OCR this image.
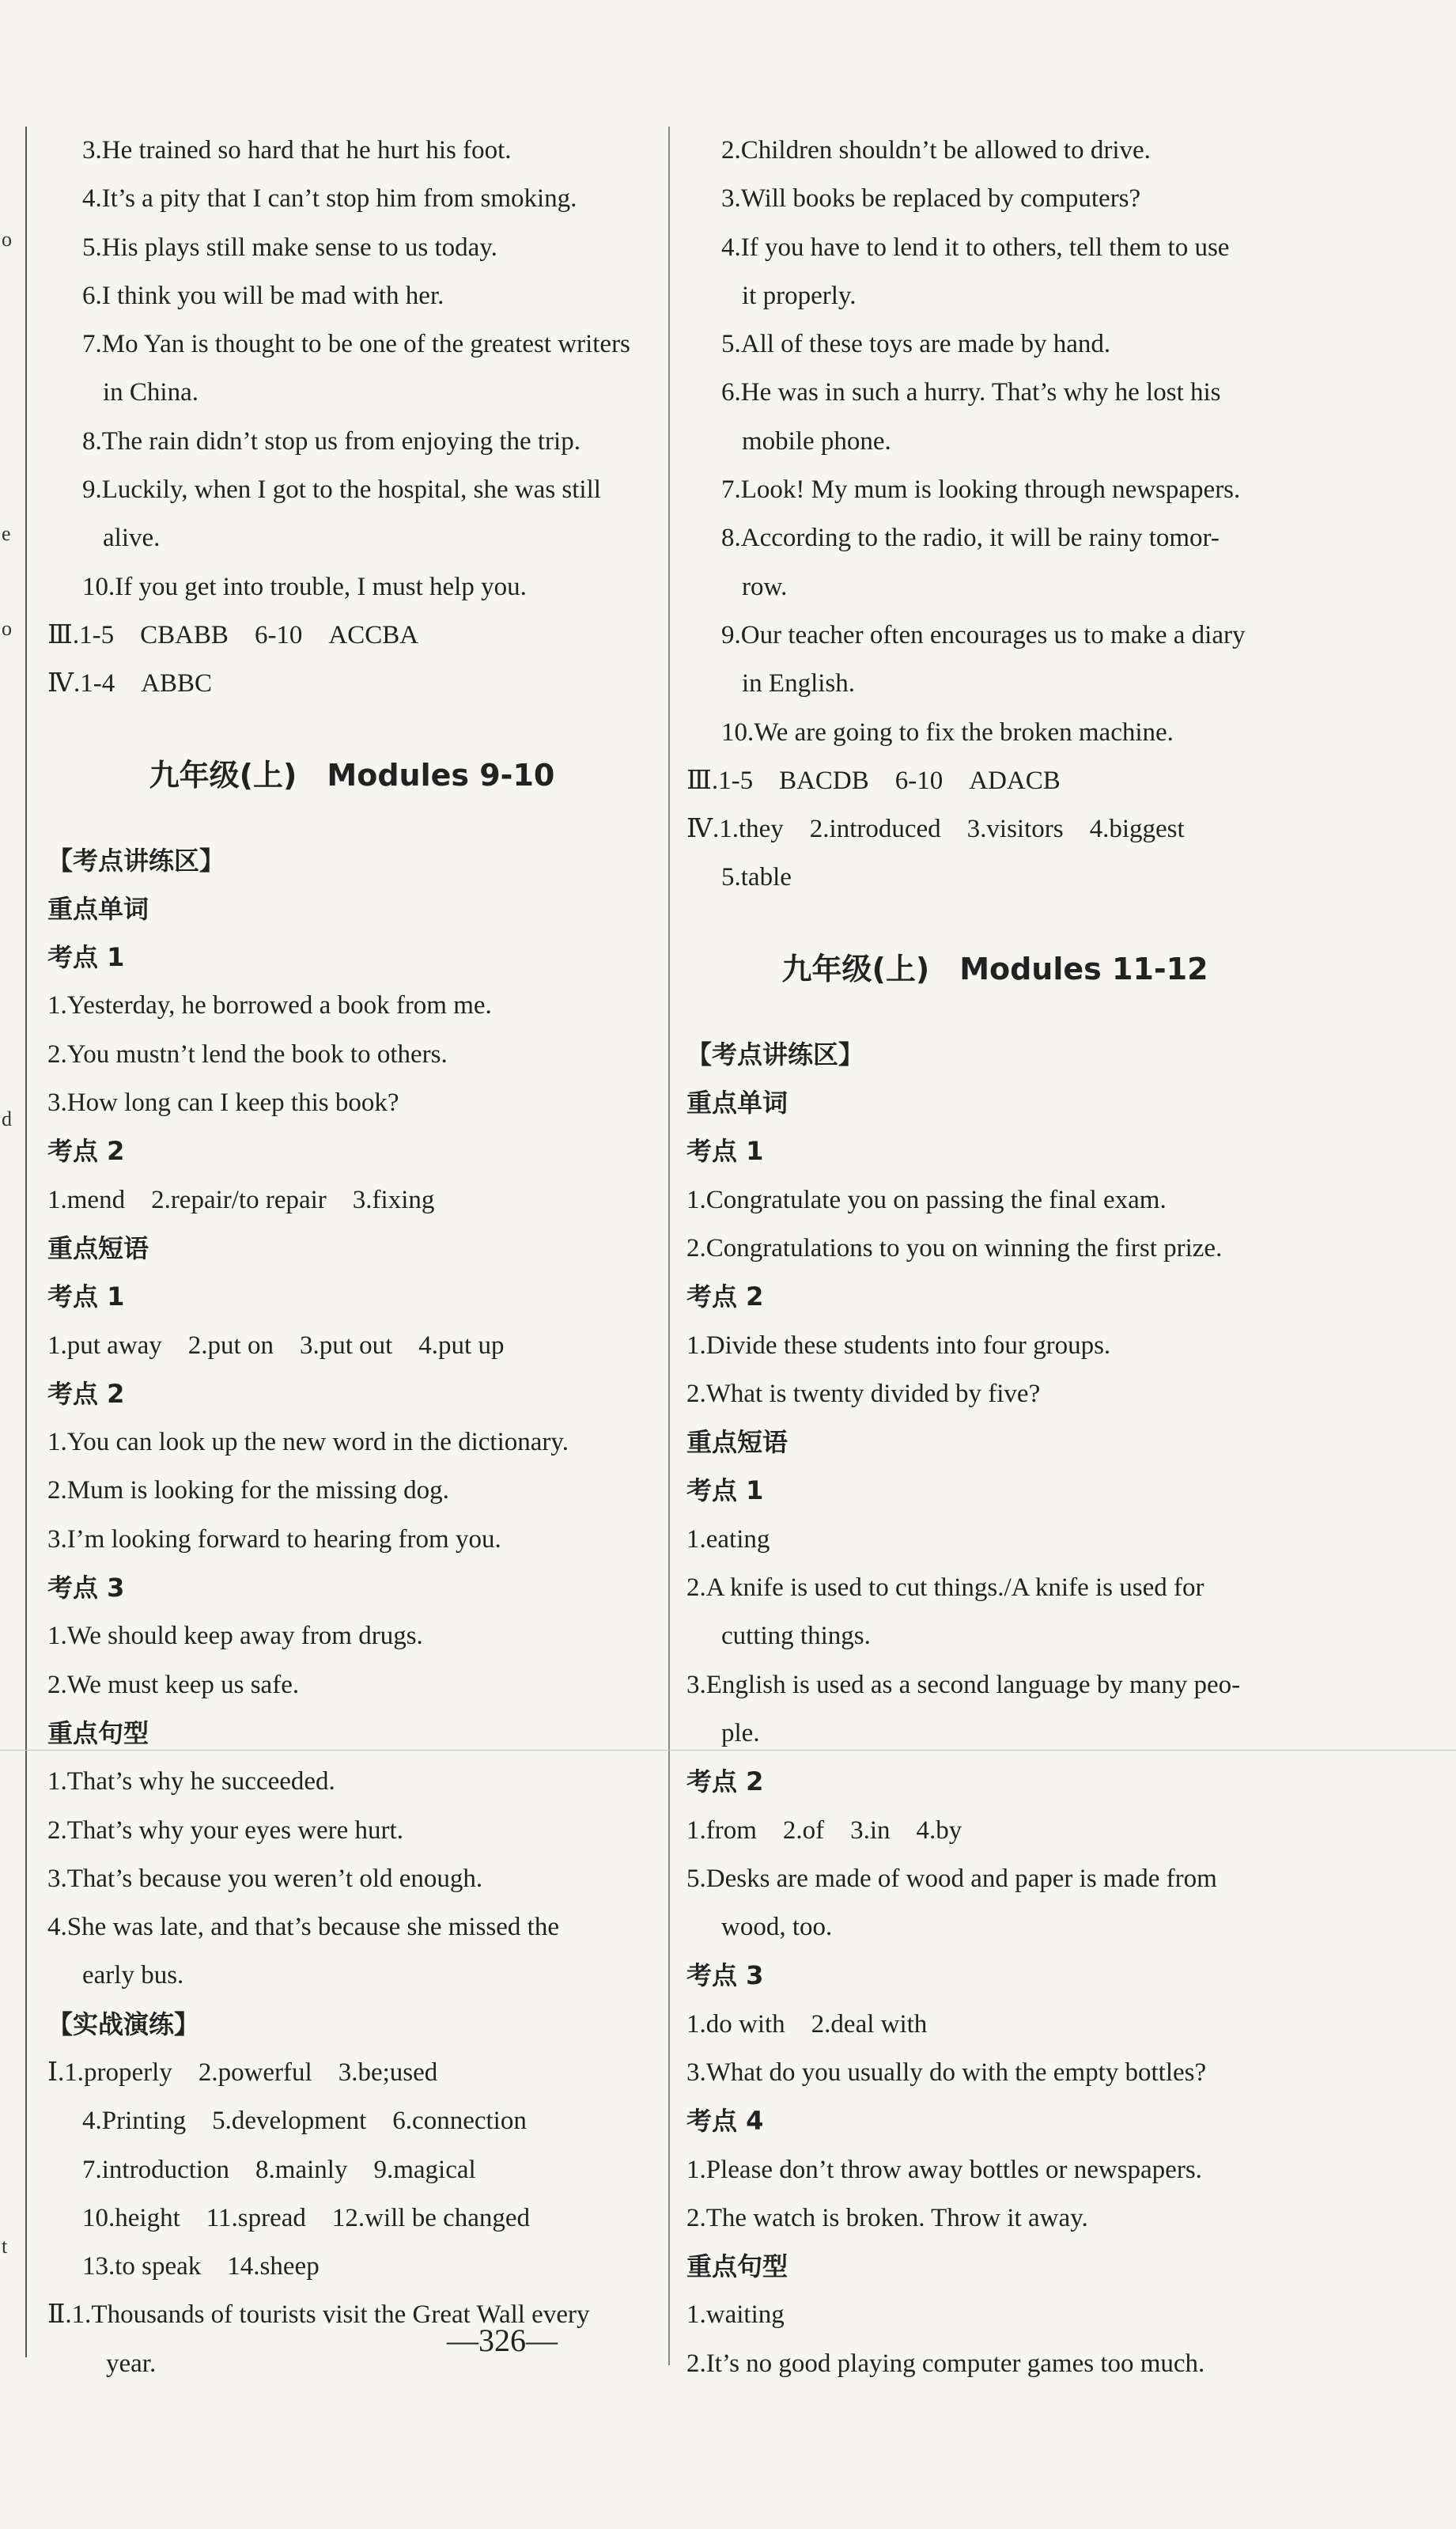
o
e
o
d
t
3.He trained so hard that he hurt his foot.
4.It’s a pity that I can’t stop him from smoking.
5.His plays still make sense to us today.
6.I think you will be mad with her.
7.Mo Yan is thought to be one of the greatest writers
in China.
8.The rain didn’t stop us from enjoying the trip.
9.Luckily, when I got to the hospital, she was still
alive.
10.If you get into trouble, I must help you.
Ⅲ.1-5　CBABB　6-10　ACCBA
Ⅳ.1-4　ABBC
九年级(上)　Modules 9-10
【考点讲练区】
重点单词
考点 1
1.Yesterday, he borrowed a book from me.
2.You mustn’t lend the book to others.
3.How long can I keep this book?
考点 2
1.mend　2.repair/to repair　3.fixing
重点短语
考点 1
1.put away　2.put on　3.put out　4.put up
考点 2
1.You can look up the new word in the dictionary.
2.Mum is looking for the missing dog.
3.I’m looking forward to hearing from you.
考点 3
1.We should keep away from drugs.
2.We must keep us safe.
重点句型
1.That’s why he succeeded.
2.That’s why your eyes were hurt.
3.That’s because you weren’t old enough.
4.She was late, and that’s because she missed the
early bus.
【实战演练】
Ⅰ.1.properly　2.powerful　3.be;used
4.Printing　5.development　6.connection
7.introduction　8.mainly　9.magical
10.height　11.spread　12.will be changed
13.to speak　14.sheep
Ⅱ.1.Thousands of tourists visit the Great Wall every
year.
2.Children shouldn’t be allowed to drive.
3.Will books be replaced by computers?
4.If you have to lend it to others, tell them to use
it properly.
5.All of these toys are made by hand.
6.He was in such a hurry. That’s why he lost his
mobile phone.
7.Look! My mum is looking through newspapers.
8.According to the radio, it will be rainy tomor-
row.
9.Our teacher often encourages us to make a diary
in English.
10.We are going to fix the broken machine.
Ⅲ.1-5　BACDB　6-10　ADACB
Ⅳ.1.they　2.introduced　3.visitors　4.biggest
5.table
九年级(上)　Modules 11-12
【考点讲练区】
重点单词
考点 1
1.Congratulate you on passing the final exam.
2.Congratulations to you on winning the first prize.
考点 2
1.Divide these students into four groups.
2.What is twenty divided by five?
重点短语
考点 1
1.eating
2.A knife is used to cut things./A knife is used for
cutting things.
3.English is used as a second language by many peo-
ple.
考点 2
1.from　2.of　3.in　4.by
5.Desks are made of wood and paper is made from
wood, too.
考点 3
1.do with　2.deal with
3.What do you usually do with the empty bottles?
考点 4
1.Please don’t throw away bottles or newspapers.
2.The watch is broken. Throw it away.
重点句型
1.waiting
2.It’s no good playing computer games too much.
—326—
